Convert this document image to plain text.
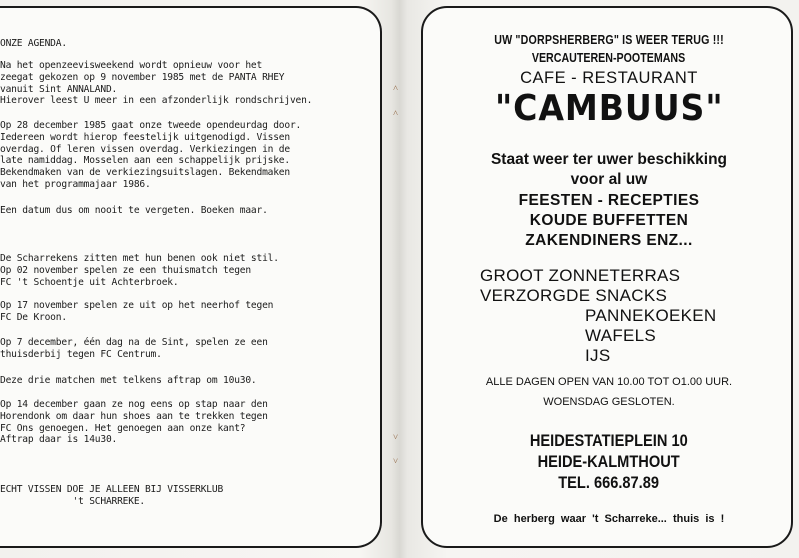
ONZE AGENDA.
Na het openzeevisweekend wordt opnieuw voor het
zeegat gekozen op 9 november 1985 met de PANTA RHEY
vanuit Sint ANNALAND.
Hierover leest U meer in een afzonderlijk rondschrijven.
Op 28 december 1985 gaat onze tweede opendeurdag door.
Iedereen wordt hierop feestelijk uitgenodigd. Vissen
overdag. Of leren vissen overdag. Verkiezingen in de
late namiddag. Mosselen aan een schappelijk prijske.
Bekendmaken van de verkiezingsuitslagen. Bekendmaken
van het programmajaar 1986.
Een datum dus om nooit te vergeten. Boeken maar.
De Scharrekens zitten met hun benen ook niet stil.
Op 02 november spelen ze een thuismatch tegen
FC 't Schoentje uit Achterbroek.
Op 17 november spelen ze uit op het neerhof tegen
FC De Kroon.
Op 7 december, één dag na de Sint, spelen ze een
thuisderbij tegen FC Centrum.
Deze drie matchen met telkens aftrap om 10u30.
Op 14 december gaan ze nog eens op stap naar den
Horendonk om daar hun shoes aan te trekken tegen
FC Ons genoegen. Het genoegen aan onze kant?
Aftrap daar is 14u30.
ECHT VISSEN DOE JE ALLEEN BIJ VISSERKLUB
't SCHARREKE.
˄
˄
˅
˅

UW "DORPSHERBERG" IS WEER TERUG !!!

VERCAUTEREN-POOTEMANS

CAFE - RESTAURANT

"CAMBUUS"

Staat weer ter uwer beschikking

voor al uw

FEESTEN - RECEPTIES

KOUDE BUFFETTEN

ZAKENDINERS ENZ...

GROOT ZONNETERRAS

VERZORGDE SNACKS

PANNEKOEKEN

WAFELS

IJS

ALLE DAGEN OPEN VAN 10.00 TOT O1.00 UUR.

WOENSDAG GESLOTEN.

HEIDESTATIEPLEIN 10

HEIDE-KALMTHOUT

TEL. 666.87.89

De  herberg  waar  't  Scharreke...  thuis  is  !
